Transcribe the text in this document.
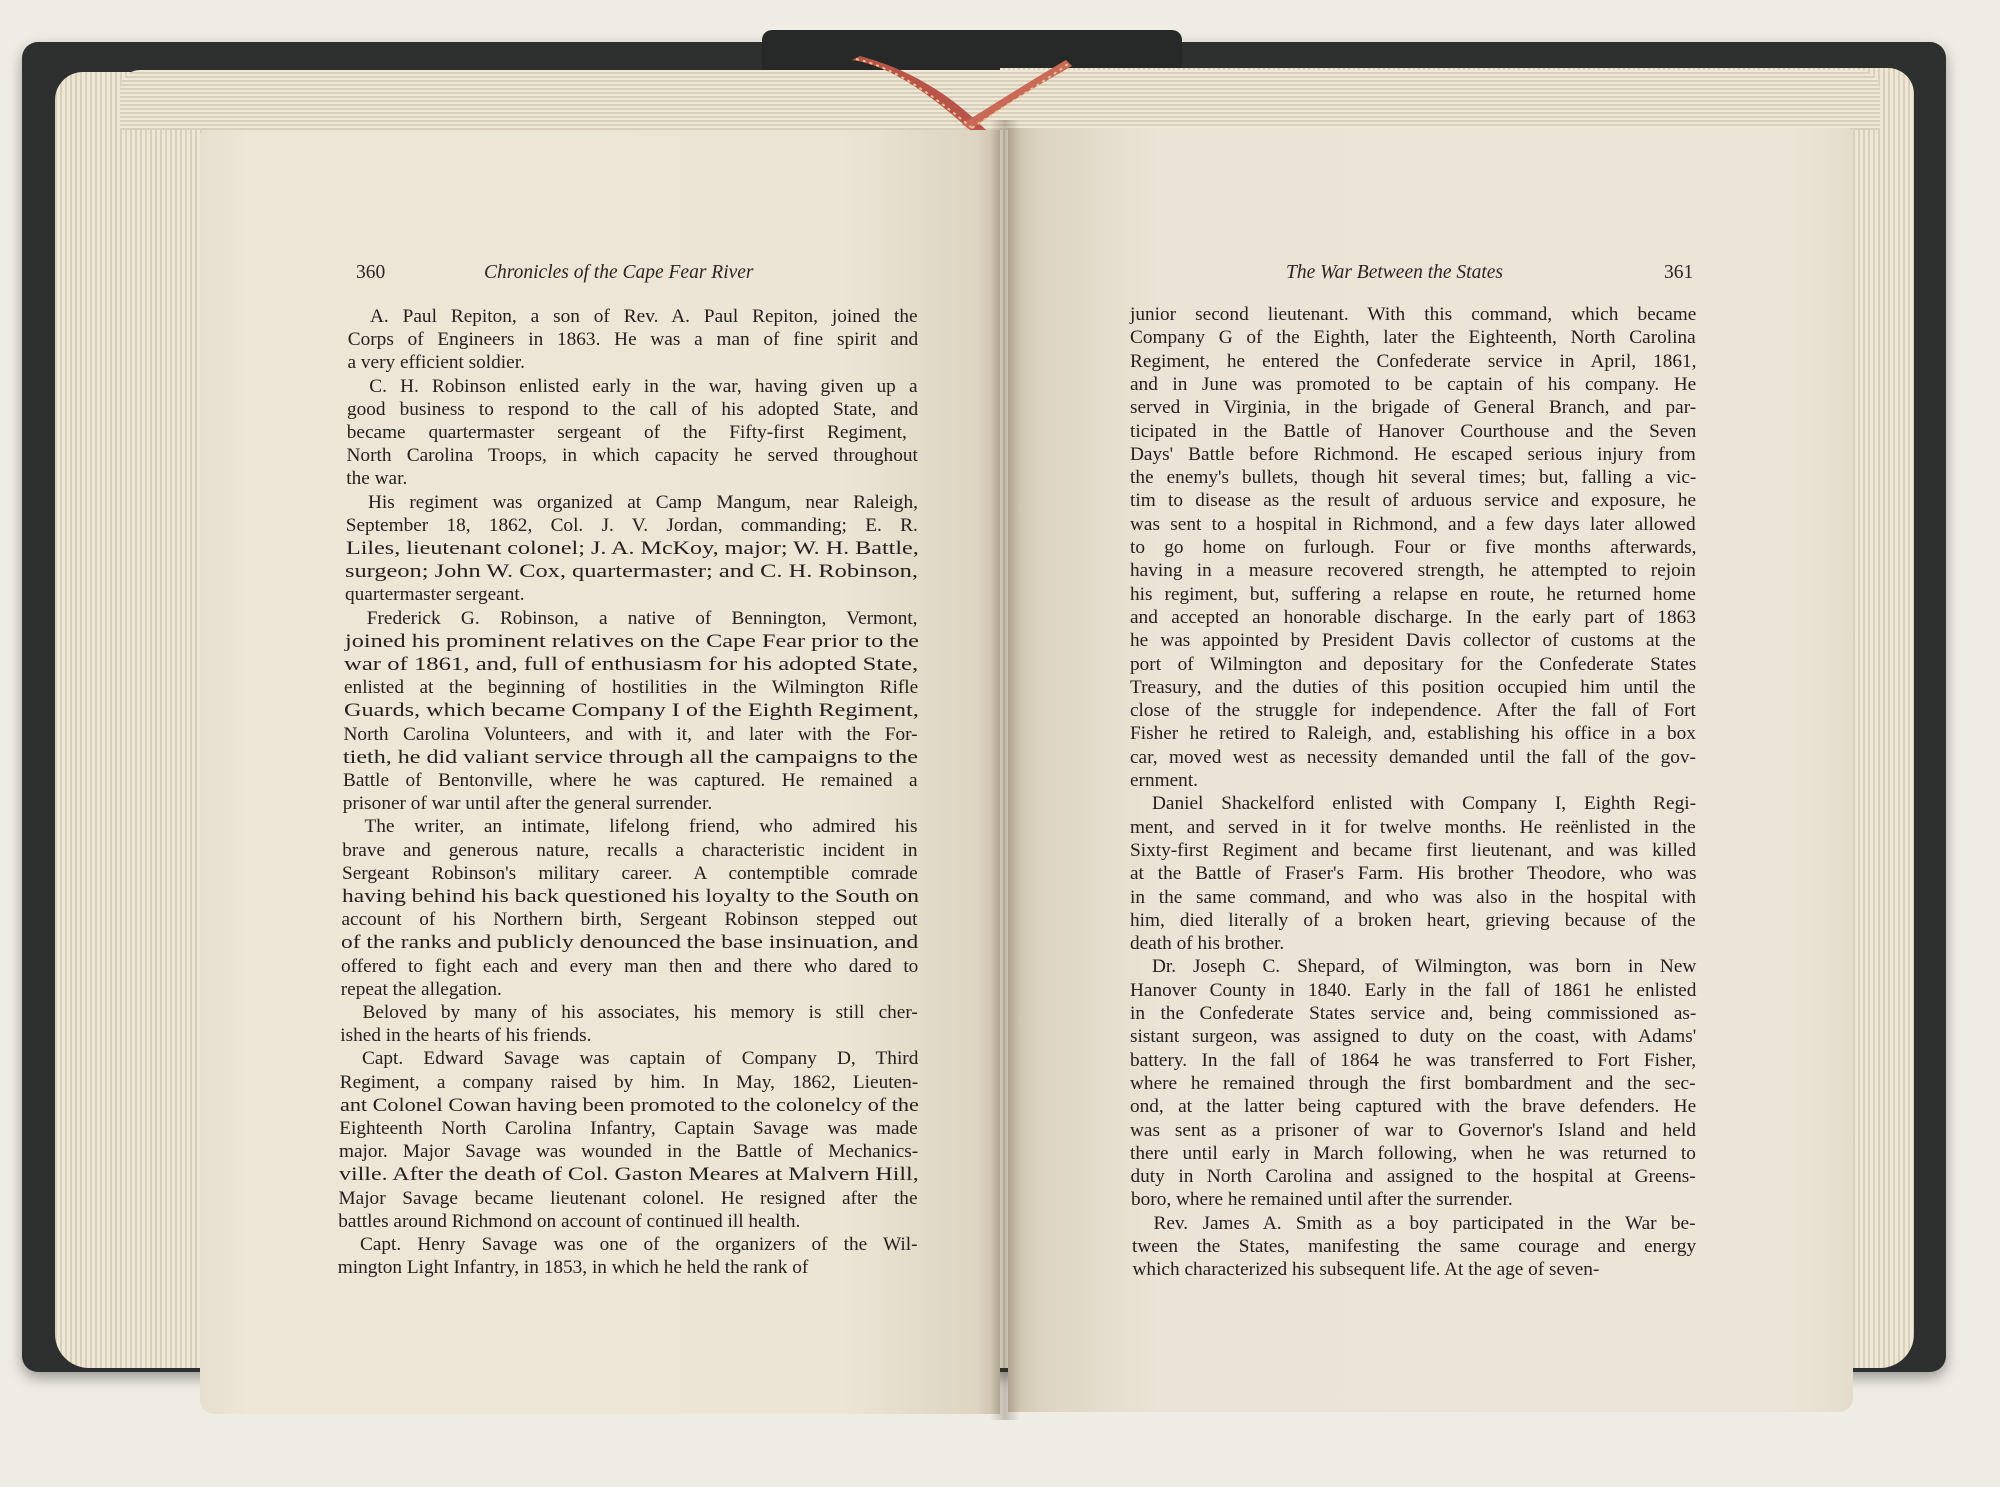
360	Chronicles of the Cape Fear River	The War Between the States	361
A. Paul Repiton, a son of Rev. A. Paul Repiton, joined the
Corps of Engineers in 1863. He was a man of fine spirit and
a very efficient soldier.
C. H. Robinson enlisted early in the war, having given up a
good business to respond to the call of his adopted State, and
became quartermaster sergeant of the Fifty-first Regiment,
North Carolina Troops, in which capacity he served throughout
the war.
His regiment was organized at Camp Mangum, near Raleigh,
September 18, 1862, Col. J. V. Jordan, commanding; E. R.
Liles, lieutenant colonel; J. A. McKoy, major; W. H. Battle,
surgeon; John W. Cox, quartermaster; and C. H. Robinson,
quartermaster sergeant.
Frederick G. Robinson, a native of Bennington, Vermont,
joined his prominent relatives on the Cape Fear prior to the
war of 1861, and, full of enthusiasm for his adopted State,
enlisted at the beginning of hostilities in the Wilmington Rifle
Guards, which became Company I of the Eighth Regiment,
North Carolina Volunteers, and with it, and later with the For-
tieth, he did valiant service through all the campaigns to the
Battle of Bentonville, where he was captured. He remained a
prisoner of war until after the general surrender.
The writer, an intimate, lifelong friend, who admired his
brave and generous nature, recalls a characteristic incident in
Sergeant Robinson's military career. A contemptible comrade
having behind his back questioned his loyalty to the South on
account of his Northern birth, Sergeant Robinson stepped out
of the ranks and publicly denounced the base insinuation, and
offered to fight each and every man then and there who dared to
repeat the allegation.
Beloved by many of his associates, his memory is still cher-
ished in the hearts of his friends.
Capt. Edward Savage was captain of Company D, Third
Regiment, a company raised by him. In May, 1862, Lieuten-
ant Colonel Cowan having been promoted to the colonelcy of the
Eighteenth North Carolina Infantry, Captain Savage was made
major. Major Savage was wounded in the Battle of Mechanics-
ville. After the death of Col. Gaston Meares at Malvern Hill,
Major Savage became lieutenant colonel. He resigned after the
battles around Richmond on account of continued ill health.
Capt. Henry Savage was one of the organizers of the Wil-
mington Light Infantry, in 1853, in which he held the rank of
junior second lieutenant. With this command, which became
Company G of the Eighth, later the Eighteenth, North Carolina
Regiment, he entered the Confederate service in April, 1861,
and in June was promoted to be captain of his company. He
served in Virginia, in the brigade of General Branch, and par-
ticipated in the Battle of Hanover Courthouse and the Seven
Days' Battle before Richmond. He escaped serious injury from
the enemy's bullets, though hit several times; but, falling a vic-
tim to disease as the result of arduous service and exposure, he
was sent to a hospital in Richmond, and a few days later allowed
to go home on furlough. Four or five months afterwards,
having in a measure recovered strength, he attempted to rejoin
his regiment, but, suffering a relapse en route, he returned home
and accepted an honorable discharge. In the early part of 1863
he was appointed by President Davis collector of customs at the
port of Wilmington and depositary for the Confederate States
Treasury, and the duties of this position occupied him until the
close of the struggle for independence. After the fall of Fort
Fisher he retired to Raleigh, and, establishing his office in a box
car, moved west as necessity demanded until the fall of the gov-
ernment.
Daniel Shackelford enlisted with Company I, Eighth Regi-
ment, and served in it for twelve months. He reënlisted in the
Sixty-first Regiment and became first lieutenant, and was killed
at the Battle of Fraser's Farm. His brother Theodore, who was
in the same command, and who was also in the hospital with
him, died literally of a broken heart, grieving because of the
death of his brother.
Dr. Joseph C. Shepard, of Wilmington, was born in New
Hanover County in 1840. Early in the fall of 1861 he enlisted
in the Confederate States service and, being commissioned as-
sistant surgeon, was assigned to duty on the coast, with Adams'
battery. In the fall of 1864 he was transferred to Fort Fisher,
where he remained through the first bombardment and the sec-
ond, at the latter being captured with the brave defenders. He
was sent as a prisoner of war to Governor's Island and held
there until early in March following, when he was returned to
duty in North Carolina and assigned to the hospital at Greens-
boro, where he remained until after the surrender.
Rev. James A. Smith as a boy participated in the War be-
tween the States, manifesting the same courage and energy
which characterized his subsequent life. At the age of seven-
